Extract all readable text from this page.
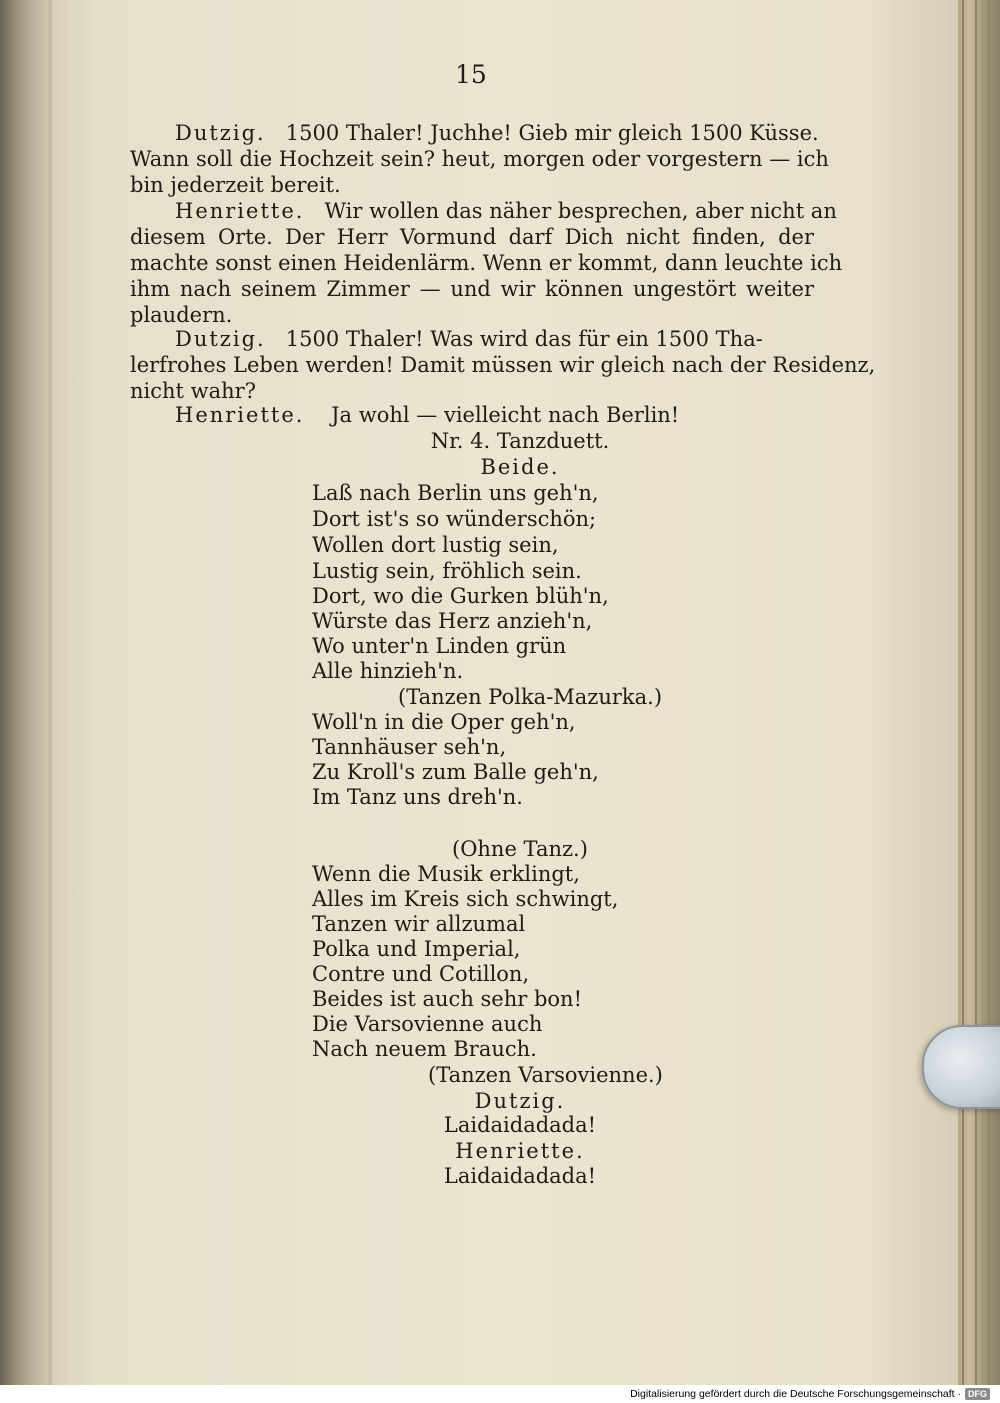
15
Dutzig. 1500 Thaler! Juchhe! Gieb mir gleich 1500 Küsse.
Wann soll die Hochzeit sein? heut, morgen oder vorgestern — ich
bin jederzeit bereit.
Henriette. Wir wollen das näher besprechen, aber nicht an
diesem Orte. Der Herr Vormund darf Dich nicht finden, der
machte sonst einen Heidenlärm. Wenn er kommt, dann leuchte ich
ihm nach seinem Zimmer — und wir können ungestört weiter
plaudern.
Dutzig. 1500 Thaler! Was wird das für ein 1500 Tha-
lerfrohes Leben werden! Damit müssen wir gleich nach der Residenz,
nicht wahr?
Henriette. Ja wohl — vielleicht nach Berlin!
Nr. 4. Tanzduett.
Beide.
Laß nach Berlin uns geh'n,
Dort ist's so wünderschön;
Wollen dort lustig sein,
Lustig sein, fröhlich sein.
Dort, wo die Gurken blüh'n,
Würste das Herz anzieh'n,
Wo unter'n Linden grün
Alle hinzieh'n.
(Tanzen Polka-Mazurka.)
Woll'n in die Oper geh'n,
Tannhäuser seh'n,
Zu Kroll's zum Balle geh'n,
Im Tanz uns dreh'n.
(Ohne Tanz.)
Wenn die Musik erklingt,
Alles im Kreis sich schwingt,
Tanzen wir allzumal
Polka und Imperial,
Contre und Cotillon,
Beides ist auch sehr bon!
Die Varsovienne auch
Nach neuem Brauch.
(Tanzen Varsovienne.)
Dutzig.
Laidaidadada!
Henriette.
Laidaidadada!
Digitalisierung gefördert durch die Deutsche Forschungsgemeinschaft · DFG
